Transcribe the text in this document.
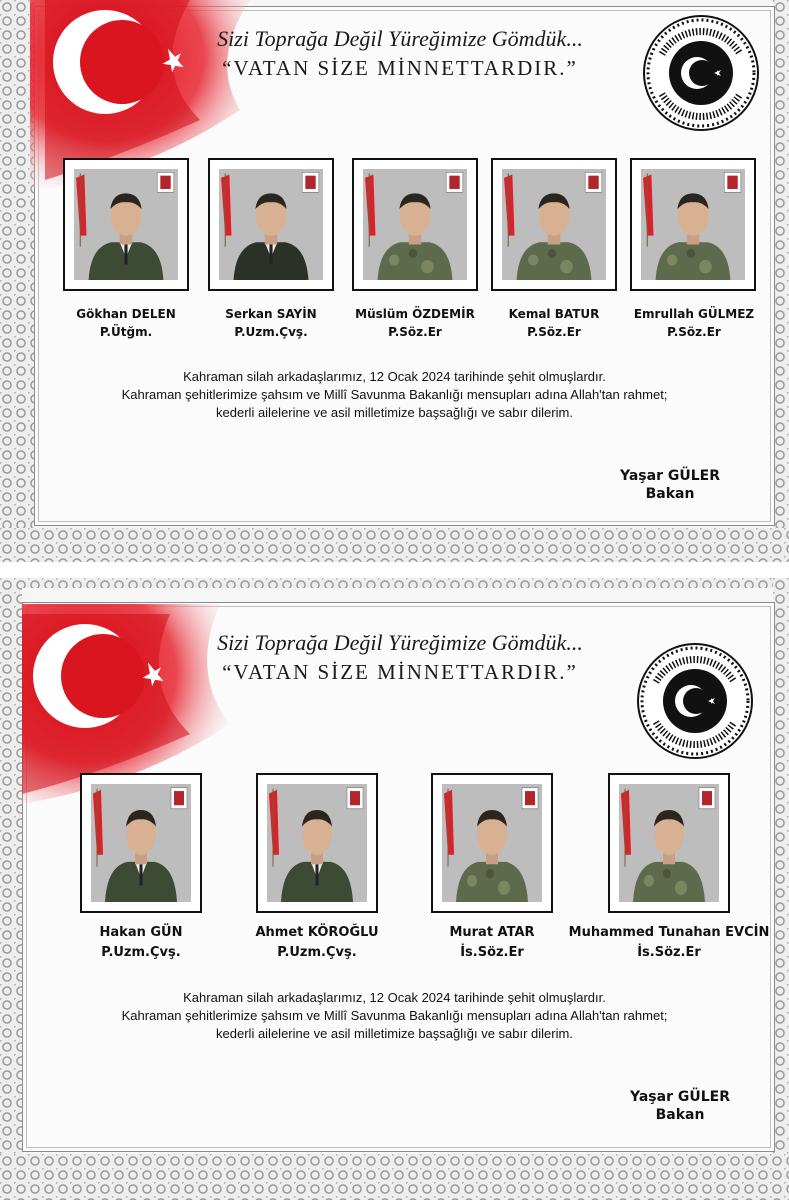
Sizi Toprağa Değil Yüreğimize Gömdük...
“VATAN SİZE MİNNETTARDIR.”
Gökhan DELEN
P.Ütğm.
Serkan SAYİN
P.Uzm.Çvş.
Müslüm ÖZDEMİR
P.Söz.Er
Kemal BATUR
P.Söz.Er
Emrullah GÜLMEZ
P.Söz.Er
Kahraman silah arkadaşlarımız, 12 Ocak 2024 tarihinde şehit olmuşlardır.
Kahraman şehitlerimize şahsım ve Millî Savunma Bakanlığı mensupları adına Allah'tan rahmet;
kederli ailelerine ve asil milletimize başsağlığı ve sabır dilerim.
Yaşar GÜLER
Bakan
Sizi Toprağa Değil Yüreğimize Gömdük...
“VATAN SİZE MİNNETTARDIR.”
Hakan GÜN
P.Uzm.Çvş.
Ahmet KÖROĞLU
P.Uzm.Çvş.
Murat ATAR
İs.Söz.Er
Muhammed Tunahan EVCİN
İs.Söz.Er
Kahraman silah arkadaşlarımız, 12 Ocak 2024 tarihinde şehit olmuşlardır.
Kahraman şehitlerimize şahsım ve Millî Savunma Bakanlığı mensupları adına Allah'tan rahmet;
kederli ailelerine ve asil milletimize başsağlığı ve sabır dilerim.
Yaşar GÜLER
Bakan
